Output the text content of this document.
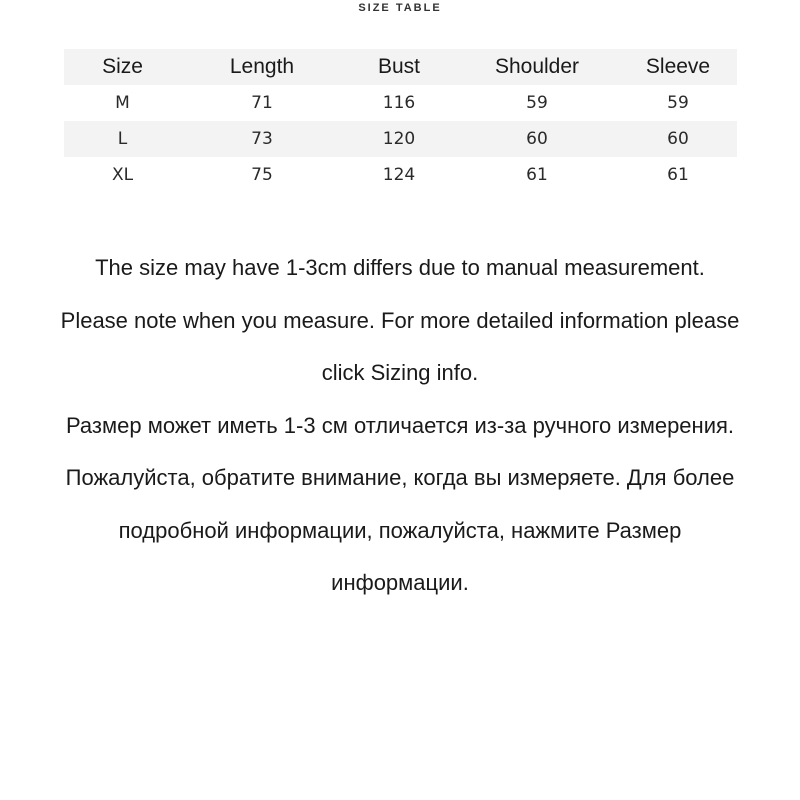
SIZE TABLE
Size	Length	Bust	Shoulder	Sleeve
M	71	116	59	59
L	73	120	60	60
XL	75	124	61	61

The size may have 1-3cm differs due to manual measurement. Please note when you measure. For more detailed information please click Sizing info.

Размер может иметь 1-3 см отличается из-за ручного измерения. Пожалуйста, обратите внимание, когда вы измеряете. Для более подробной информации, пожалуйста, нажмите Размер информации.
